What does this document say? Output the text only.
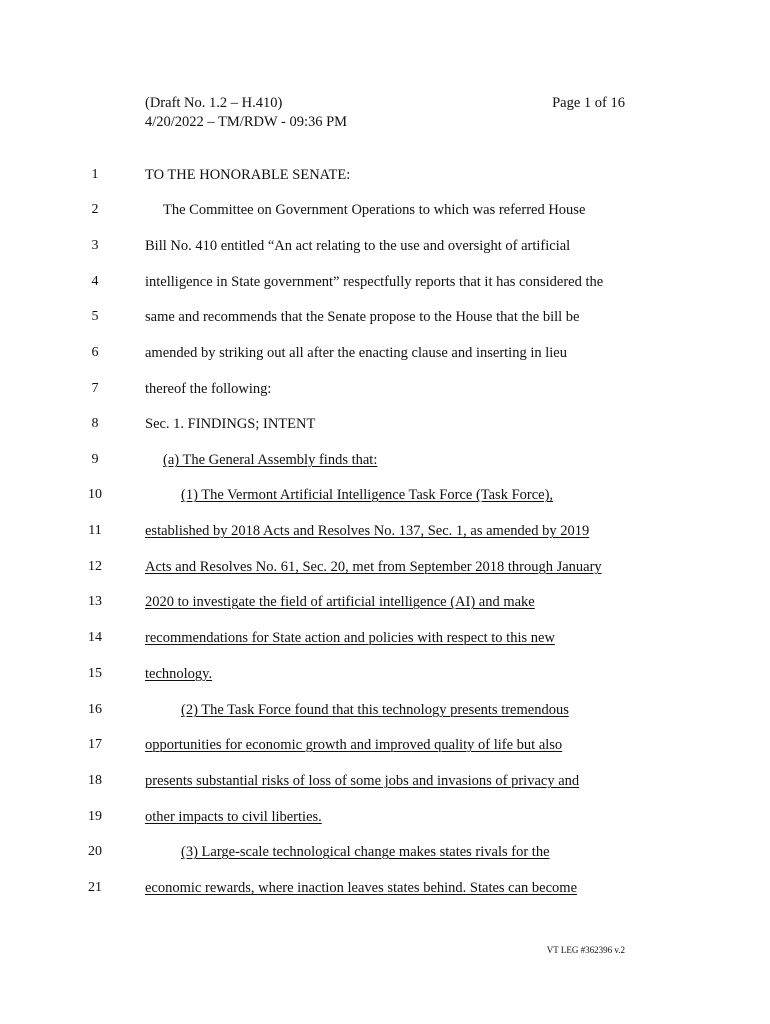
(Draft No. 1.2 – H.410)
4/20/2022 – TM/RDW - 09:36 PM
Page 1 of 16
1	TO THE HONORABLE SENATE:
2	The Committee on Government Operations to which was referred House
3	Bill No. 410 entitled “An act relating to the use and oversight of artificial
4	intelligence in State government” respectfully reports that it has considered the
5	same and recommends that the Senate propose to the House that the bill be
6	amended by striking out all after the enacting clause and inserting in lieu
7	thereof the following:
8	Sec. 1. FINDINGS; INTENT
9	(a) The General Assembly finds that:
10	(1) The Vermont Artificial Intelligence Task Force (Task Force),
11	established by 2018 Acts and Resolves No. 137, Sec. 1, as amended by 2019
12	Acts and Resolves No. 61, Sec. 20, met from September 2018 through January
13	2020 to investigate the field of artificial intelligence (AI) and make
14	recommendations for State action and policies with respect to this new
15	technology.
16	(2) The Task Force found that this technology presents tremendous
17	opportunities for economic growth and improved quality of life but also
18	presents substantial risks of loss of some jobs and invasions of privacy and
19	other impacts to civil liberties.
20	(3) Large-scale technological change makes states rivals for the
21	economic rewards, where inaction leaves states behind. States can become
VT LEG #362396 v.2
